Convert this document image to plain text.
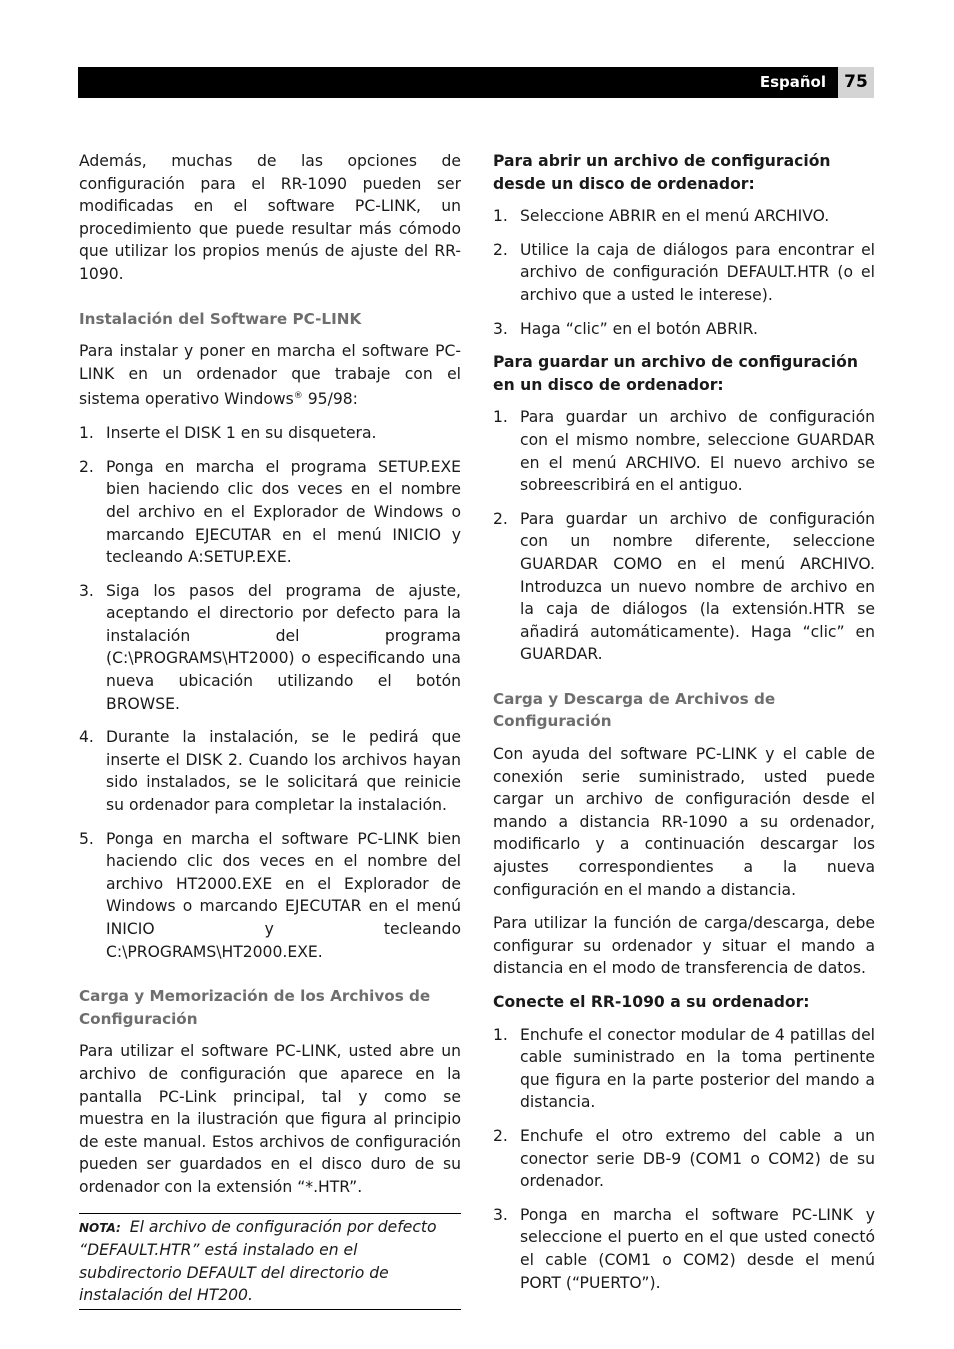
Español	75

Además, muchas de las opciones de configuración para el RR-1090 pueden ser modificadas en el software PC-LINK, un procedimiento que puede resultar más cómodo que utilizar los propios menús de ajuste del RR-1090.

Instalación del Software PC-LINK

Para instalar y poner en marcha el software PC-LINK en un ordenador que trabaje con el sistema operativo Windows® 95/98:

1. Inserte el DISK 1 en su disquetera.
2. Ponga en marcha el programa SETUP.EXE bien haciendo clic dos veces en el nombre del archivo en el Explorador de Windows o marcando EJECUTAR en el menú INICIO y tecleando A:SETUP.EXE.
3. Siga los pasos del programa de ajuste, aceptando el directorio por defecto para la instalación del programa (C:\PROGRAMS\HT2000) o especificando una nueva ubicación utilizando el botón BROWSE.
4. Durante la instalación, se le pedirá que inserte el DISK 2. Cuando los archivos hayan sido instalados, se le solicitará que reinicie su ordenador para completar la instalación.
5. Ponga en marcha el software PC-LINK bien haciendo clic dos veces en el nombre del archivo HT2000.EXE en el Explorador de Windows o marcando EJECUTAR en el menú INICIO y tecleando C:\PROGRAMS\HT2000.EXE.
Carga y Memorización de los Archivos de Configuración

Para utilizar el software PC-LINK, usted abre un archivo de configuración que aparece en la pantalla PC-Link principal, tal y como se muestra en la ilustración que figura al principio de este manual. Estos archivos de configuración pueden ser guardados en el disco duro de su ordenador con la extensión “*.HTR”.

NOTA: El archivo de configuración por defecto “DEFAULT.HTR” está instalado en el subdirectorio DEFAULT del directorio de instalación del HT200.
Para abrir un archivo de configuración desde un disco de ordenador:
1. Seleccione ABRIR en el menú ARCHIVO.
2. Utilice la caja de diálogos para encontrar el archivo de configuración DEFAULT.HTR (o el archivo que a usted le interese).
3. Haga “clic” en el botón ABRIR.
Para guardar un archivo de configuración en un disco de ordenador:
1. Para guardar un archivo de configuración con el mismo nombre, seleccione GUARDAR en el menú ARCHIVO. El nuevo archivo se sobreescribirá en el antiguo.
2. Para guardar un archivo de configuración con un nombre diferente, seleccione GUARDAR COMO en el menú ARCHIVO. Introduzca un nuevo nombre de archivo en la caja de diálogos (la extensión.HTR se añadirá automáticamente). Haga “clic” en GUARDAR.
Carga y Descarga de Archivos de Configuración

Con ayuda del software PC-LINK y el cable de conexión serie suministrado, usted puede cargar un archivo de configuración desde el mando a distancia RR-1090 a su ordenador, modificarlo y a continuación descargar los ajustes correspondientes a la nueva configuración en el mando a distancia.

Para utilizar la función de carga/descarga, debe configurar su ordenador y situar el mando a distancia en el modo de transferencia de datos.

Conecte el RR-1090 a su ordenador:
1. Enchufe el conector modular de 4 patillas del cable suministrado en la toma pertinente que figura en la parte posterior del mando a distancia.
2. Enchufe el otro extremo del cable a un conector serie DB-9 (COM1 o COM2) de su ordenador.
3. Ponga en marcha el software PC-LINK y seleccione el puerto en el que usted conectó el cable (COM1 o COM2) desde el menú PORT (“PUERTO”).
